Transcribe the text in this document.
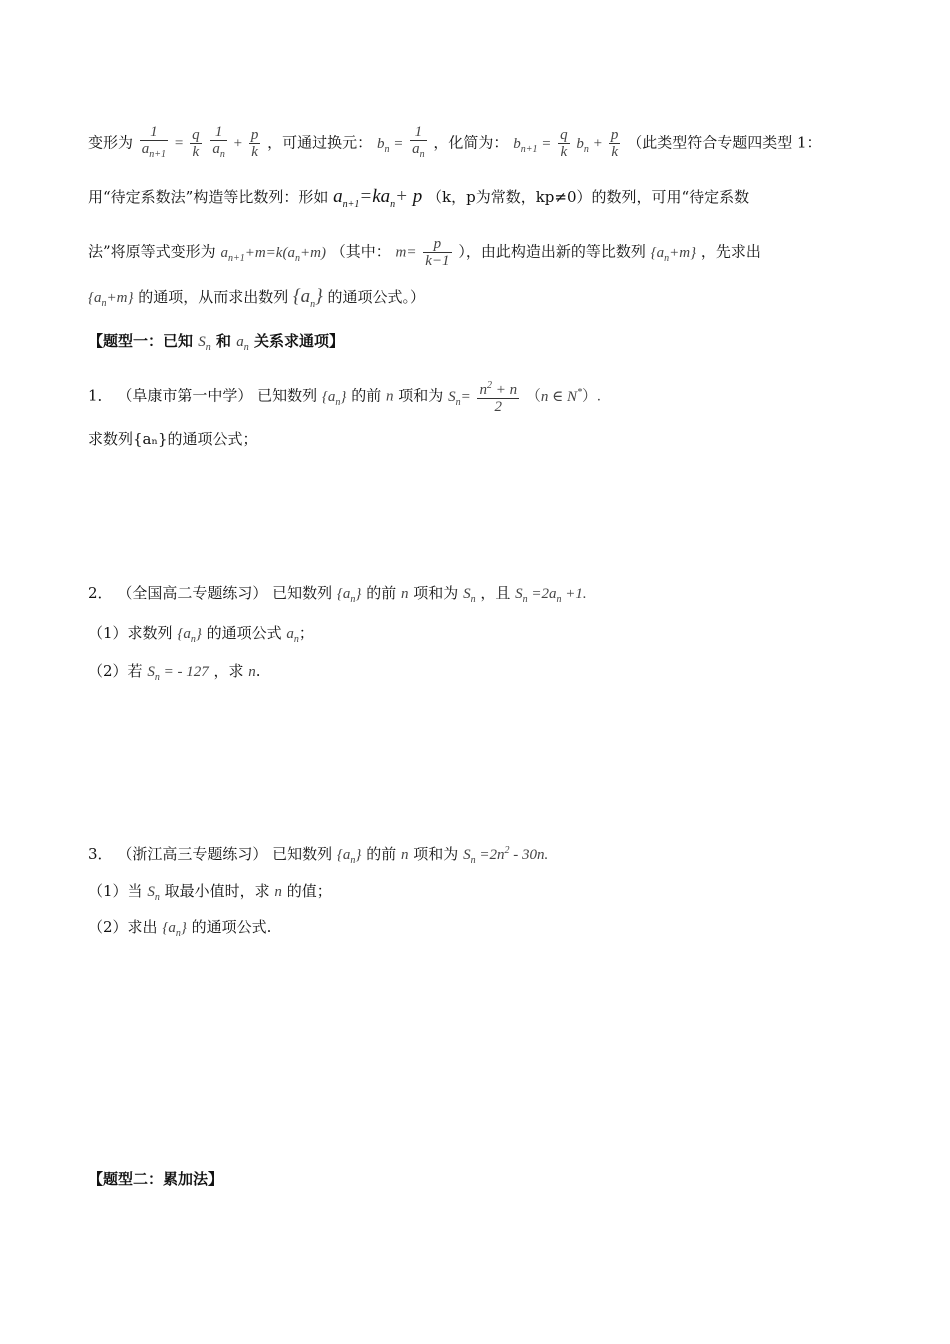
变形为 $\frac{1}{a_{n+1}} = \frac{q}{k}$
$\frac{1}{a_n} + \frac{p}{k}$ ，可通过换元： $b_n = \frac{1}{a_n}$ ，化简为： $b_{n+1} = \frac{q}{k} b_n + \frac{p}{k}$ （此类型符合专题四类型 1：
用“待定系数法”构造等比数列：形如 $a_{n+1}=ka_n+ p$ （k，p为常数，kp≠0）的数列，可用“待定系数
法”将原等式变形为 $a_{n+1}+m=k(a_n+m)$ （其中： $m= \frac{p}{k-1}$ ），由此构造出新的等比数列 $\{a_n+m\}$ ，先求出
$\{a_n+m\}$ 的通项，从而求出数列 $\{a_n\}$ 的通项公式。）
【题型一：已知 $S_n$ 和 $a_n$ 关系求通项】
1． （阜康市第一中学） 已知数列 $\{a_n\}$ 的前 n 项和为 $S_n= \frac{n^2 + n}{2} (n$ ∈ N*）.
求数列{aₙ}的通项公式；
2． （全国高二专题练习） 已知数列 $\{a_n\}$ 的前 n 项和为 $S_n$ ，且 $S_n =2a_n +1$.
（1）求数列 $\{a_n\}$ 的通项公式 $a_n$；
（2）若 $S_n$ = - 127 ，求 n.
3． （浙江高三专题练习） 已知数列 $\{a_n\}$ 的前 n 项和为 $S_n =2n^2 - 30n$.
（1）当 $S_n$ 取最小值时，求 n 的值；
（2）求出 $\{a_n\}$ 的通项公式.
【题型二：累加法】
